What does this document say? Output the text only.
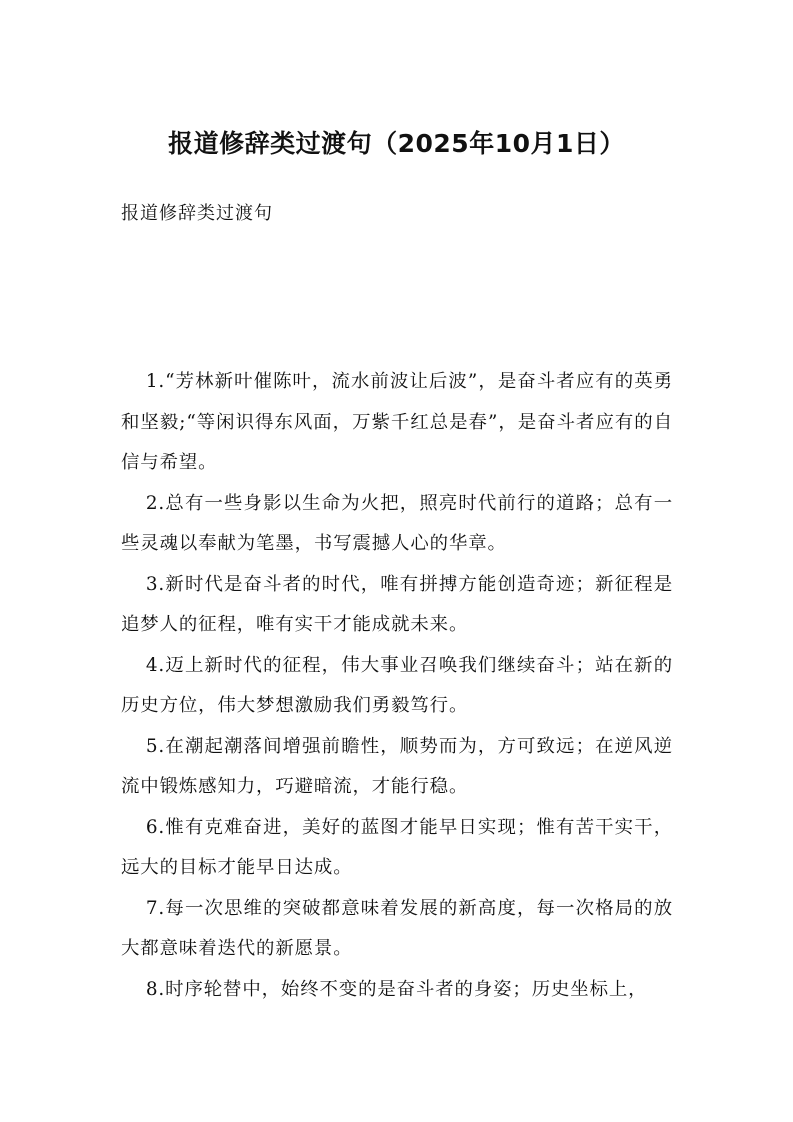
报道修辞类过渡句（2025年10月1日）

报道修辞类过渡句

1.“芳林新叶催陈叶，流水前波让后波”，是奋斗者应有的英勇和坚毅;“等闲识得东风面，万紫千红总是春”，是奋斗者应有的自信与希望。

2.总有一些身影以生命为火把，照亮时代前行的道路；总有一些灵魂以奉献为笔墨，书写震撼人心的华章。

3.新时代是奋斗者的时代，唯有拼搏方能创造奇迹；新征程是追梦人的征程，唯有实干才能成就未来。

4.迈上新时代的征程，伟大事业召唤我们继续奋斗；站在新的历史方位，伟大梦想激励我们勇毅笃行。

5.在潮起潮落间增强前瞻性，顺势而为，方可致远；在逆风逆流中锻炼感知力，巧避暗流，才能行稳。

6.惟有克难奋进，美好的蓝图才能早日实现；惟有苦干实干，远大的目标才能早日达成。

7.每一次思维的突破都意味着发展的新高度，每一次格局的放大都意味着迭代的新愿景。

8.时序轮替中，始终不变的是奋斗者的身姿；历史坐标上，
